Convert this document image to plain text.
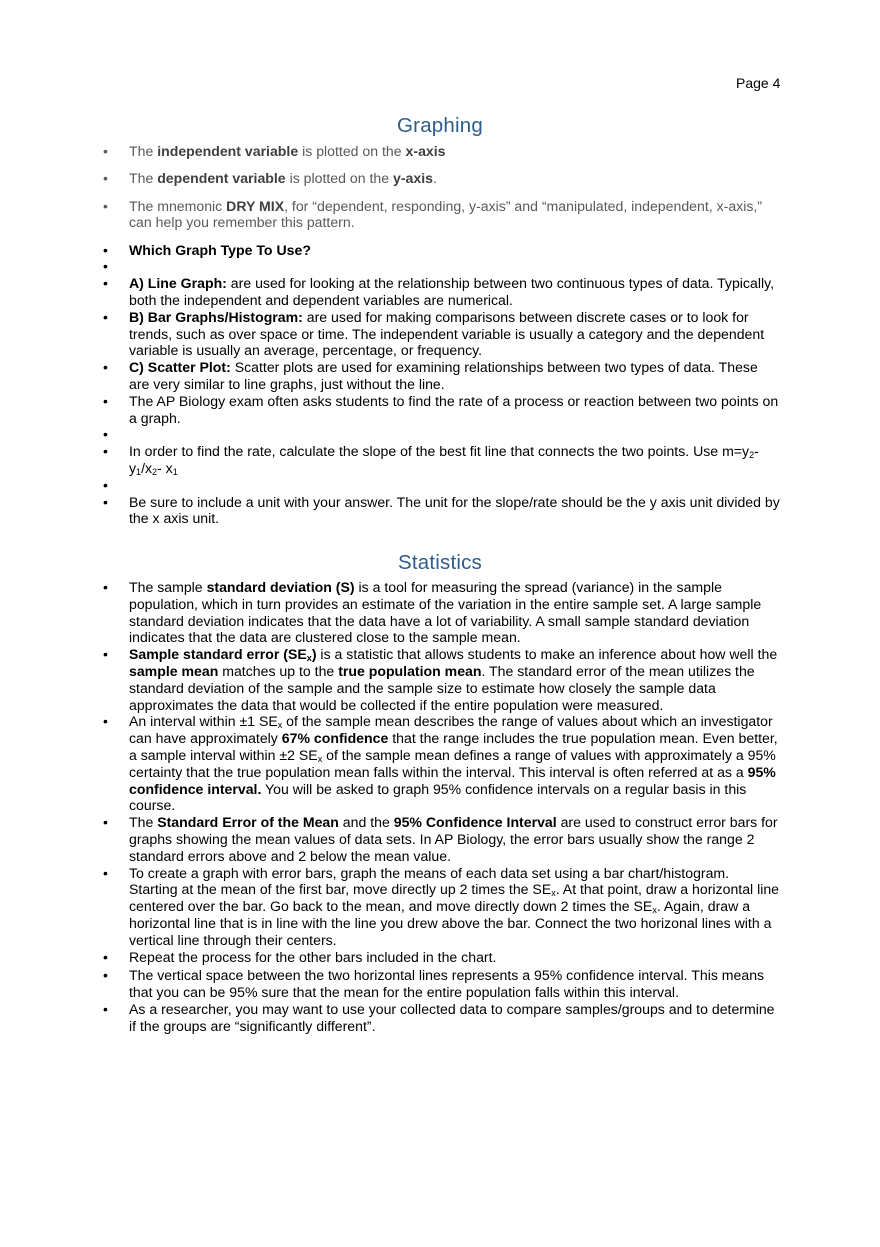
Page 4
Graphing
• The independent variable is plotted on the x-axis
• The dependent variable is plotted on the y-axis.
• The mnemonic DRY MIX, for “dependent, responding, y-axis” and “manipulated, independent, x-axis,” can help you remember this pattern.
• Which Graph Type To Use?
•

• A) Line Graph: are used for looking at the relationship between two continuous types of data. Typically, both the independent and dependent variables are numerical.
• B) Bar Graphs/Histogram: are used for making comparisons between discrete cases or to look for trends, such as over space or time. The independent variable is usually a category and the dependent variable is usually an average, percentage, or frequency.
• C) Scatter Plot: Scatter plots are used for examining relationships between two types of data. These are very similar to line graphs, just without the line.
• The AP Biology exam often asks students to find the rate of a process or reaction between two points on a graph.
•

• In order to find the rate, calculate the slope of the best fit line that connects the two points. Use $m=y_2-y_1/x_2-$ $x_1$
•

• Be sure to include a unit with your answer. The unit for the slope/rate should be the y axis unit divided by the x axis unit.
Statistics
• The sample standard deviation (S) is a tool for measuring the spread (variance) in the sample population, which in turn provides an estimate of the variation in the entire sample set. A large sample standard deviation indicates that the data have a lot of variability. A small sample standard deviation indicates that the data are clustered close to the sample mean.
• Sample standard error $(SE_x)$ is a statistic that allows students to make an inference about how well the sample mean matches up to the true population mean. The standard error of the mean utilizes the standard deviation of the sample and the sample size to estimate how closely the sample data approximates the data that would be collected if the entire population were measured.
• An interval within ±1 $SE_x$ of the sample mean describes the range of values about which an investigator can have approximately 67% confidence that the range includes the true population mean. Even better, a sample interval within ±2 $SE_x$ of the sample mean defines a range of values with approximately a 95% certainty that the true population mean falls within the interval. This interval is often referred at as a 95% confidence interval. You will be asked to graph 95% confidence intervals on a regular basis in this course.
• The Standard Error of the Mean and the 95% Confidence Interval are used to construct error bars for graphs showing the mean values of data sets. In AP Biology, the error bars usually show the range 2 standard errors above and 2 below the mean value.
• To create a graph with error bars, graph the means of each data set using a bar chart/histogram. Starting at the mean of the first bar, move directly up 2 times the $SE_x$. At that point, draw a horizontal line centered over the bar. Go back to the mean, and move directly down 2 times the $SE_x$. Again, draw a horizontal line that is in line with the line you drew above the bar. Connect the two horizonal lines with a vertical line through their centers.
• Repeat the process for the other bars included in the chart.
• The vertical space between the two horizontal lines represents a 95% confidence interval. This means that you can be 95% sure that the mean for the entire population falls within this interval.
• As a researcher, you may want to use your collected data to compare samples/groups and to determine if the groups are “significantly different”.
